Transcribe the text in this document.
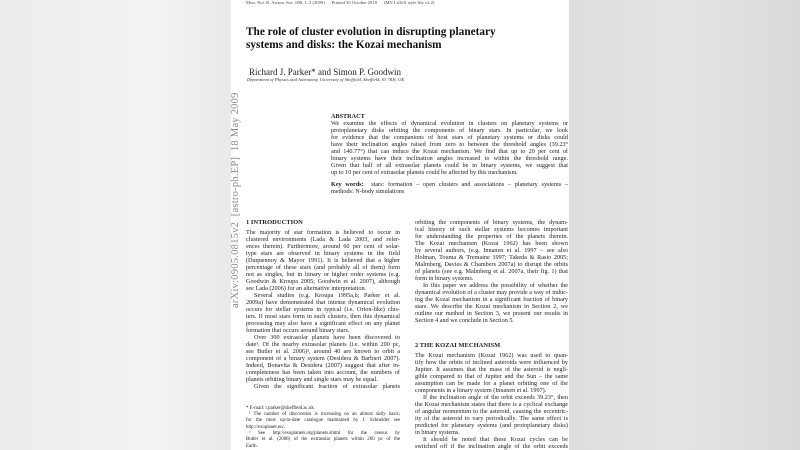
Mon. Not. R. Astron. Soc. 000, 1–5 (2009) Printed 30 October 2018 (MN LaTeX style file v2.2)
The role of cluster evolution in disrupting planetary
systems and disks: the Kozai mechanism
Richard J. Parker* and Simon P. Goodwin
Department of Physics and Astronomy, University of Sheffield, Sheffield, S3 7RH, UK
arXiv:0905.0815v2  [astro-ph.EP]  18 May 2009	ABSTRACT
We examine the effects of dynamical evolution in clusters on planetary systems or
protoplanetary disks orbiting the components of binary stars. In particular, we look
for evidence that the companions of host stars of planetary systems or disks could
have their inclination angles raised from zero to between the threshold angles (39.23°
and 140.77°) that can induce the Kozai mechanism. We find that up to 20 per cent of
binary systems have their inclination angles increased to within the threshold range.
Given that half of all extrasolar planets could be in binary systems, we suggest that
up to 10 per cent of extrasolar planets could be affected by this mechanism.
Key words: stars: formation – open clusters and associations – planetary systems –
methods: N-body simulations
1 INTRODUCTION
The majority of star formation is believed to occur in
clustered environments (Lada & Lada 2003, and refer-
ences therein). Furthermore, around 60 per cent of solar-
type stars are observed in binary systems in the field
(Duquennoy & Mayor 1991). It is believed that a higher
percentage of these stars (and probably all of them) form
not as singles, but in binary or higher order systems (e.g.
Goodwin & Kroupa 2005; Goodwin et al. 2007), although
see Lada (2006) for an alternative interpretation.
Several studies (e.g. Kroupa 1995a,b; Parker et al.
2009a) have demonstrated that intense dynamical evolution
occurs for stellar systems in typical (i.e. Orion-like) clus-
ters. If most stars form in such clusters, then this dynamical
processing may also have a significant effect on any planet
formation that occurs around binary stars.
Over 300 extrasolar planets have been discovered to
date¹. Of the nearby extrasolar planets (i.e. within 200 pc,
see Butler et al. 2006)², around 40 are known to orbit a
component of a binary system (Desidera & Barbieri 2007).
Indeed, Bonavita & Desidera (2007) suggest that after in-
completeness has been taken into account, the numbers of
planets orbiting binary and single stars may be equal.
Given the significant fraction of extrasolar planets
* E-mail: r.parker@sheffield.ac.uk
¹ The number of discoveries is increasing on an almost daily basis;
for the most up-to-date catalogue maintained by J. Schneider see
http://exoplanet.eu/.
² See http://exoplanets.org/planets.shtml for the census by
Butler et al. (2006) of the extrasolar planets within 200 pc of the
Earth.
orbiting the components of binary systems, the dynam-
ical history of such stellar systems becomes important
for understanding the properties of the planets therein.
The Kozai mechanism (Kozai 1962) has been shown
by several authors, (e.g. Innanen et al. 1997 – see also
Holman, Touma & Tremaine 1997; Takeda & Rasio 2005;
Malmberg, Davies & Chambers 2007a) to disrupt the orbits
of planets (see e.g. Malmberg et al. 2007a, their fig. 1) that
form in binary systems.
In this paper we address the possibility of whether the
dynamical evolution of a cluster may provide a way of induc-
ing the Kozai mechanism in a significant fraction of binary
stars. We describe the Kozai mechanism in Section 2, we
outline our method in Section 3, we present our results in
Section 4 and we conclude in Section 5.
2 THE KOZAI MECHANISM
The Kozai mechanism (Kozai 1962) was used to quan-
tify how the orbits of inclined asteroids were influenced by
Jupiter. It assumes that the mass of the asteroid is negli-
gible compared to that of Jupiter and the Sun – the same
assumption can be made for a planet orbiting one of the
components in a binary system (Innanen et al. 1997).
If the inclination angle of the orbit exceeds 39.23°, then
the Kozai mechanism states that there is a cyclical exchange
of angular momentum to the asteroid, causing the eccentric-
ity of the asteroid to vary periodically. The same effect is
predicted for planetary systems (and protoplanetary disks)
in binary systems.
It should be noted that these Kozai cycles can be
switched off if the inclination angle of the orbit exceeds
